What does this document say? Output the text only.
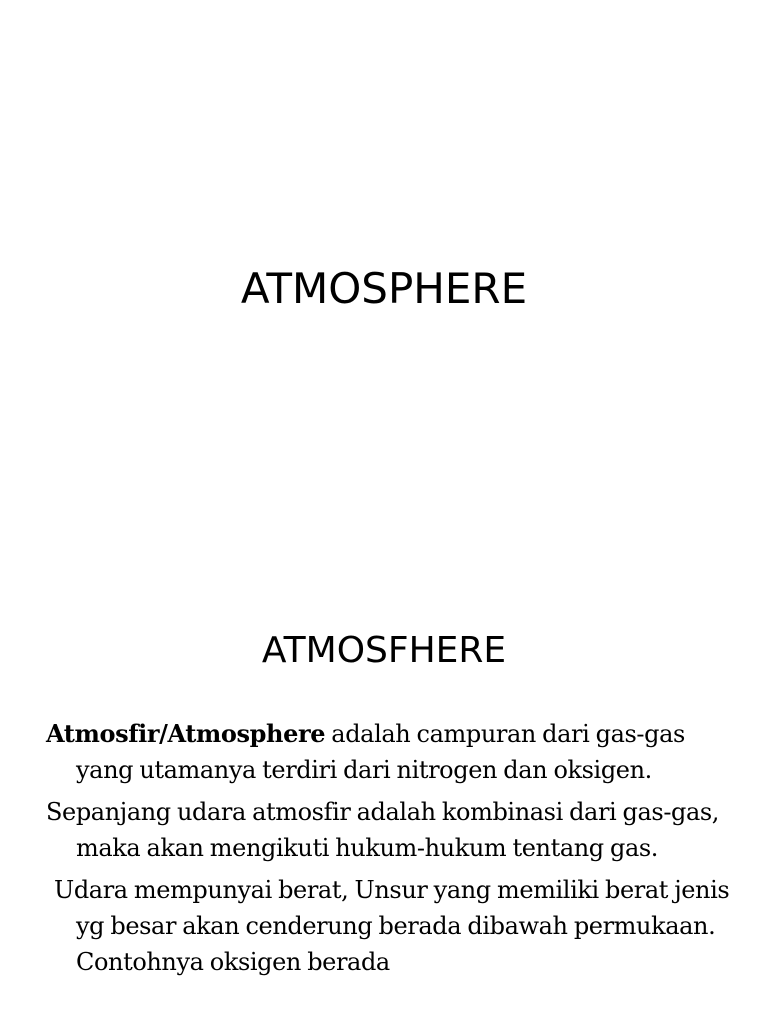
ATMOSPHERE
ATMOSFHERE

Atmosfir/Atmosphere adalah campuran dari gas-gas yang utamanya terdiri dari nitrogen dan oksigen.

Sepanjang udara atmosfir adalah kombinasi dari gas-gas, maka akan mengikuti hukum-hukum tentang gas.

Udara mempunyai berat, Unsur yang memiliki berat jenis yg besar akan cenderung berada dibawah permukaan. Contohnya oksigen berada
